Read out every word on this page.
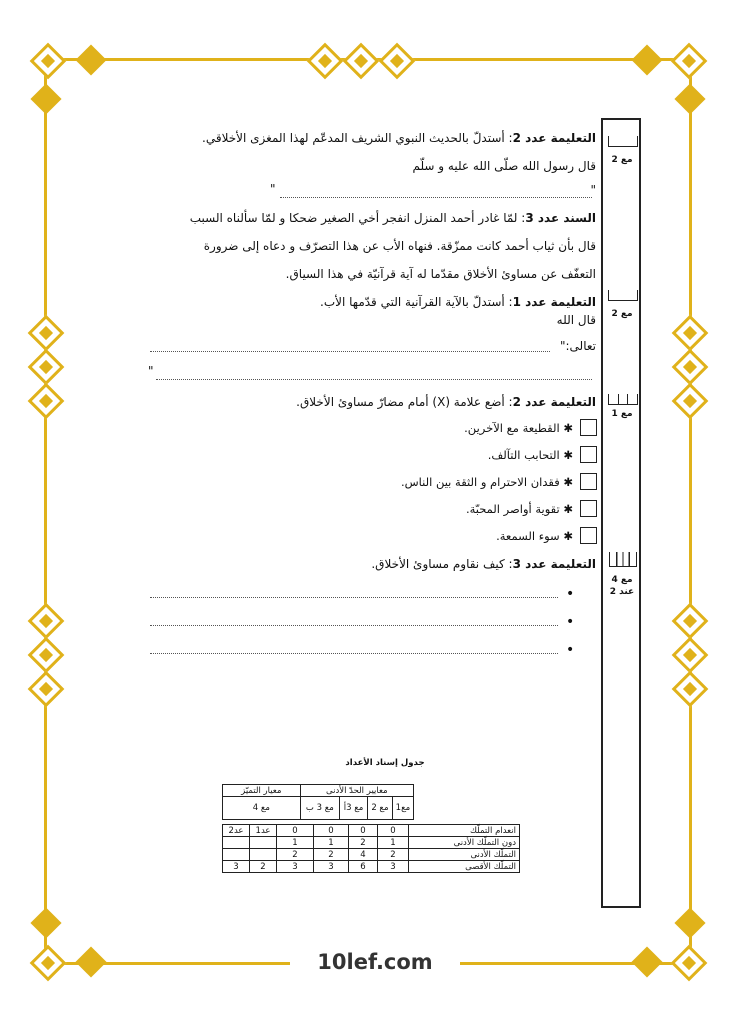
10lef.com
مع 2
مع 2
مع 1
مع 4
عند 2
التعليمة عدد 2: أستدلّ بالحديث النبوي الشريف المدعّم لهذا المغزى الأخلاقي.
قال رسول الله صلّى الله عليه و سلّم
"
"
السند عدد 3: لمّا غادر أحمد المنزل انفجر أخي الصغير ضحكا و لمّا سألناه السبب
قال بأن ثياب أحمد كانت ممزّقة. فنهاه الأب عن هذا التصرّف و دعاه إلى ضرورة
التعفّف عن مساوئ الأخلاق مقدّما له آية قرآنيّة في هذا السياق.
التعليمة عدد 1: أستدلّ بالآية القرآنية التي قدّمها الأب.
قال الله
تعالى:"
"
التعليمة عدد 2: أضع علامة (X) أمام مضارّ مساوئ الأخلاق.
✱ القطيعة مع الآخرين.
✱ التحابب التآلف.
✱ فقدان الاحترام و الثقة بين الناس.
✱ تقوية أواصر المحبّة.
✱ سوء السمعة.
التعليمة عدد 3: كيف نقاوم مساوئ الأخلاق.
•
•
•
جدول إسناد الأعداد
معيار التميّز	معايير الحدّ الأدنى			
مع 4	مع 3 ب	مع 3أ	مع 2	مع1
عد2	عد1	0	0	0	0	انعدام التملّك
		1	1	2	1	دون التملّك الأدنى
		2	2	4	2	التملّك الأدنى
3	2	3	3	6	3	التملّك الأقصى
